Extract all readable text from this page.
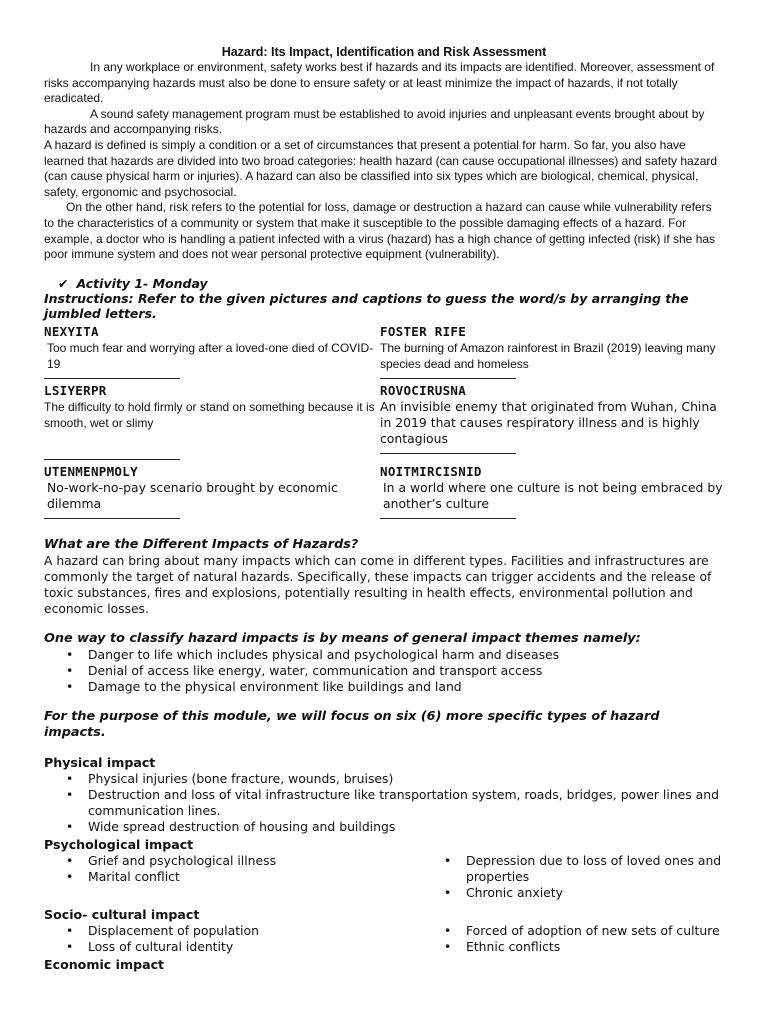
Hazard: Its Impact, Identification and Risk Assessment

In any workplace or environment, safety works best if hazards and its impacts are identified. Moreover, assessment of risks accompanying hazards must also be done to ensure safety or at least minimize the impact of hazards, if not totally eradicated.

A sound safety management program must be established to avoid injuries and unpleasant events brought about by hazards and accompanying risks.

A hazard is defined is simply a condition or a set of circumstances that present a potential for harm. So far, you also have learned that hazards are divided into two broad categories: health hazard (can cause occupational illnesses) and safety hazard (can cause physical harm or injuries). A hazard can also be classified into six types which are biological, chemical, physical, safety, ergonomic and psychosocial.

On the other hand, risk refers to the potential for loss, damage or destruction a hazard can cause while vulnerability refers to the characteristics of a community or system that make it susceptible to the possible damaging effects of a hazard. For example, a doctor who is handling a patient infected with a virus (hazard) has a high chance of getting infected (risk) if she has poor immune system and does not wear personal protective equipment (vulnerability).

✔ Activity 1- Monday
Instructions: Refer to the given pictures and captions to guess the word/s by arranging the jumbled letters.
NEXYITA
Too much fear and worrying after a loved-one died of COVID-19
FOSTER RIFE
The burning of Amazon rainforest in Brazil (2019) leaving many species dead and homeless
LSIYERPR
The difficulty to hold firmly or stand on something because it is smooth, wet or slimy
ROVOCIRUSNA
An invisible enemy that originated from Wuhan, China in 2019 that causes respiratory illness and is highly contagious
UTENMENPMOLY
No-work-no-pay scenario brought by economic dilemma
NOITMIRCISNID
In a world where one culture is not being embraced by another’s culture
What are the Different Impacts of Hazards?

A hazard can bring about many impacts which can come in different types. Facilities and infrastructures are commonly the target of natural hazards. Specifically, these impacts can trigger accidents and the release of toxic substances, fires and explosions, potentially resulting in health effects, environmental pollution and economic losses.

One way to classify hazard impacts is by means of general impact themes namely:
• Danger to life which includes physical and psychological harm and diseases
• Denial of access like energy, water, communication and transport access
• Damage to the physical environment like buildings and land
For the purpose of this module, we will focus on six (6) more specific types of hazard impacts.
Physical impact
• Physical injuries (bone fracture, wounds, bruises)
• Destruction and loss of vital infrastructure like transportation system, roads, bridges, power lines and communication lines.
• Wide spread destruction of housing and buildings
Psychological impact
• Grief and psychological illness
• Marital conflict
• Depression due to loss of loved ones and properties
• Chronic anxiety
Socio- cultural impact
• Displacement of population
• Loss of cultural identity
• Forced of adoption of new sets of culture
• Ethnic conflicts
Economic impact
